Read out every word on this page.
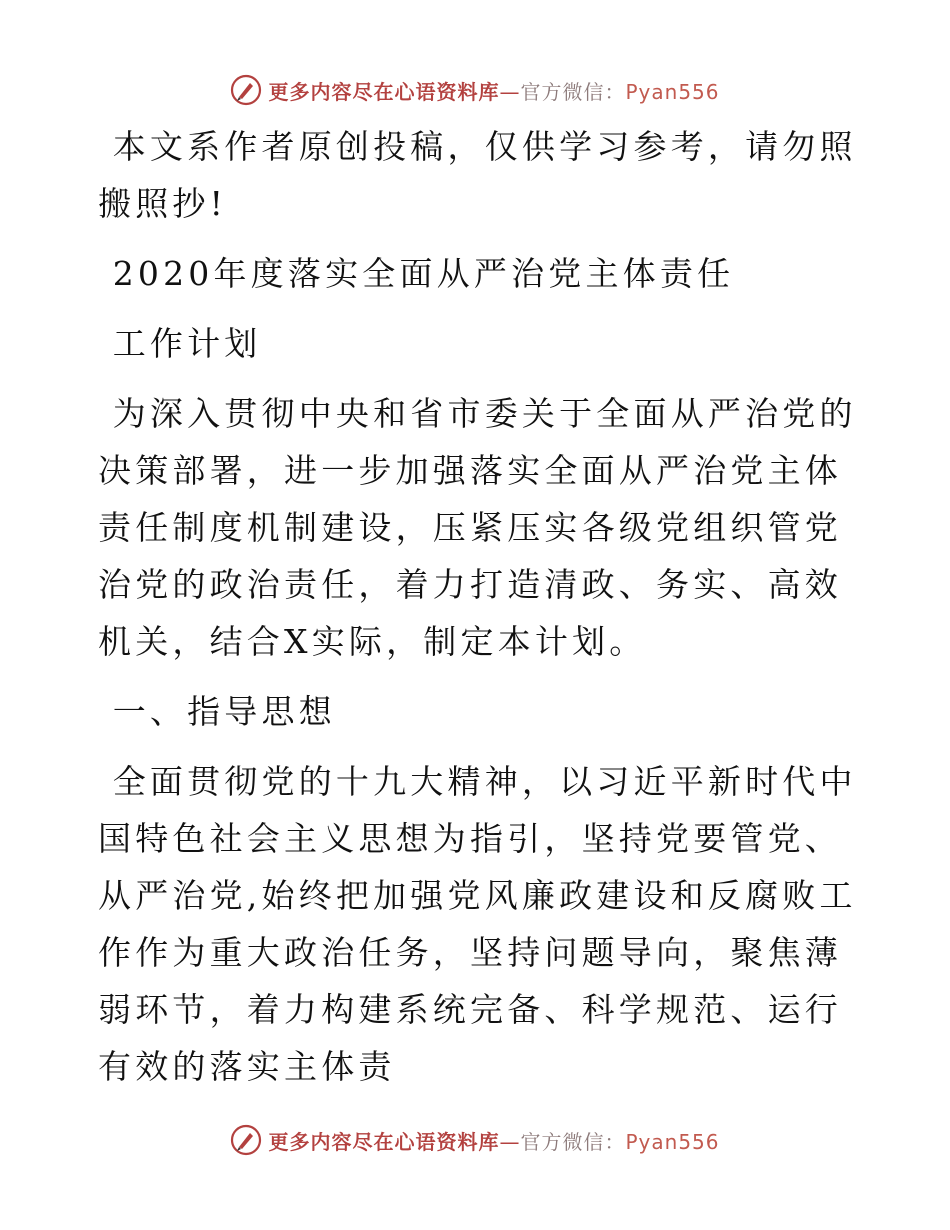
更多内容尽在心语资料库—官方微信：Pyan556

本文系作者原创投稿，仅供学习参考，请勿照搬照抄!

2020年度落实全面从严治党主体责任

工作计划

为深入贯彻中央和省市委关于全面从严治党的决策部署，进一步加强落实全面从严治党主体责任制度机制建设，压紧压实各级党组织管党治党的政治责任，着力打造清政、务实、高效机关，结合X实际，制定本计划。

一、指导思想

全面贯彻党的十九大精神，以习近平新时代中国特色社会主义思想为指引，坚持党要管党、从严治党,始终把加强党风廉政建设和反腐败工作作为重大政治任务，坚持问题导向，聚焦薄弱环节，着力构建系统完备、科学规范、运行有效的落实主体责

更多内容尽在心语资料库—官方微信：Pyan556
